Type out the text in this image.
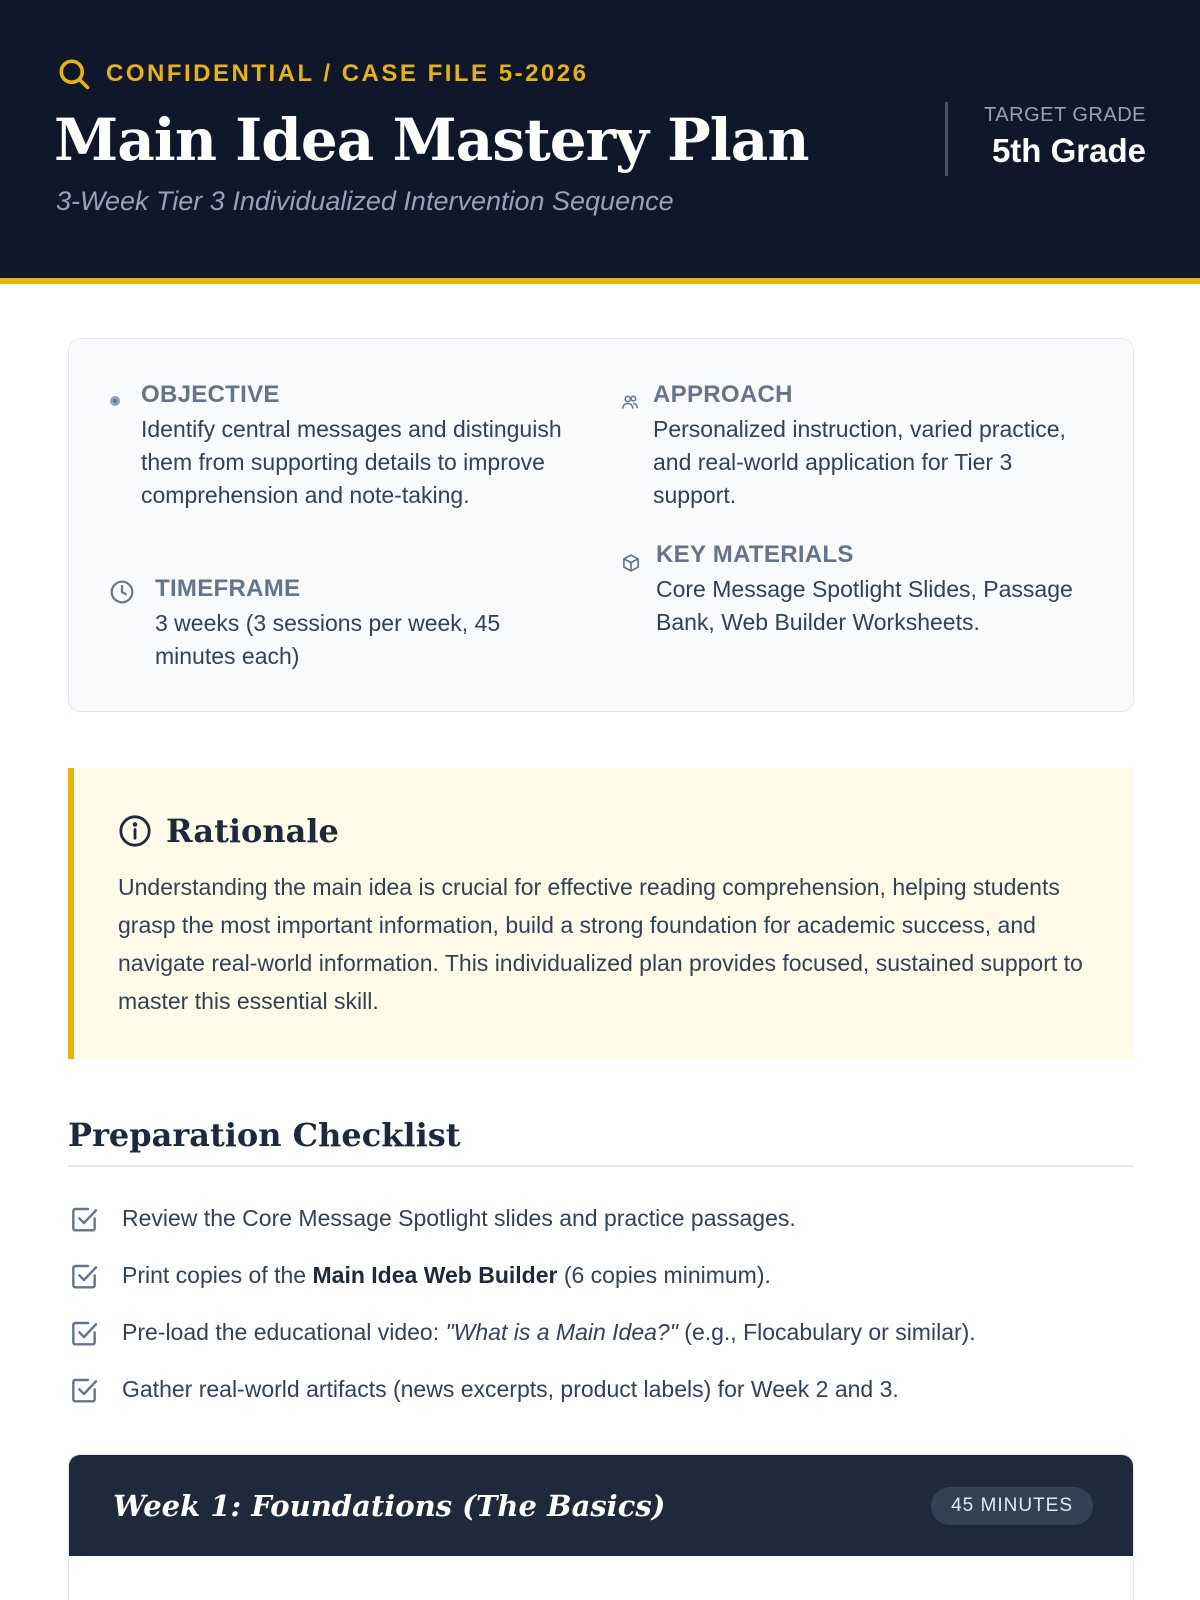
CONFIDENTIAL / CASE FILE 5-2026
Main Idea Mastery Plan
3-Week Tier 3 Individualized Intervention Sequence
TARGET GRADE
5th Grade
OBJECTIVE
Identify central messages and distinguish them from supporting details to improve comprehension and note-taking.
TIMEFRAME
3 weeks (3 sessions per week, 45 minutes each)
APPROACH
Personalized instruction, varied practice, and real-world application for Tier 3 support.
KEY MATERIALS
Core Message Spotlight Slides, Passage Bank, Web Builder Worksheets.
Rationale

Understanding the main idea is crucial for effective reading comprehension, helping students grasp the most important information, build a strong foundation for academic success, and navigate real-world information. This individualized plan provides focused, sustained support to master this essential skill.

Preparation Checklist
Review the Core Message Spotlight slides and practice passages.
Print copies of the Main Idea Web Builder (6 copies minimum).
Pre-load the educational video: "What is a Main Idea?" (e.g., Flocabulary or similar).
Gather real-world artifacts (news excerpts, product labels) for Week 2 and 3.
Week 1: Foundations (The Basics)	45 MINUTES
